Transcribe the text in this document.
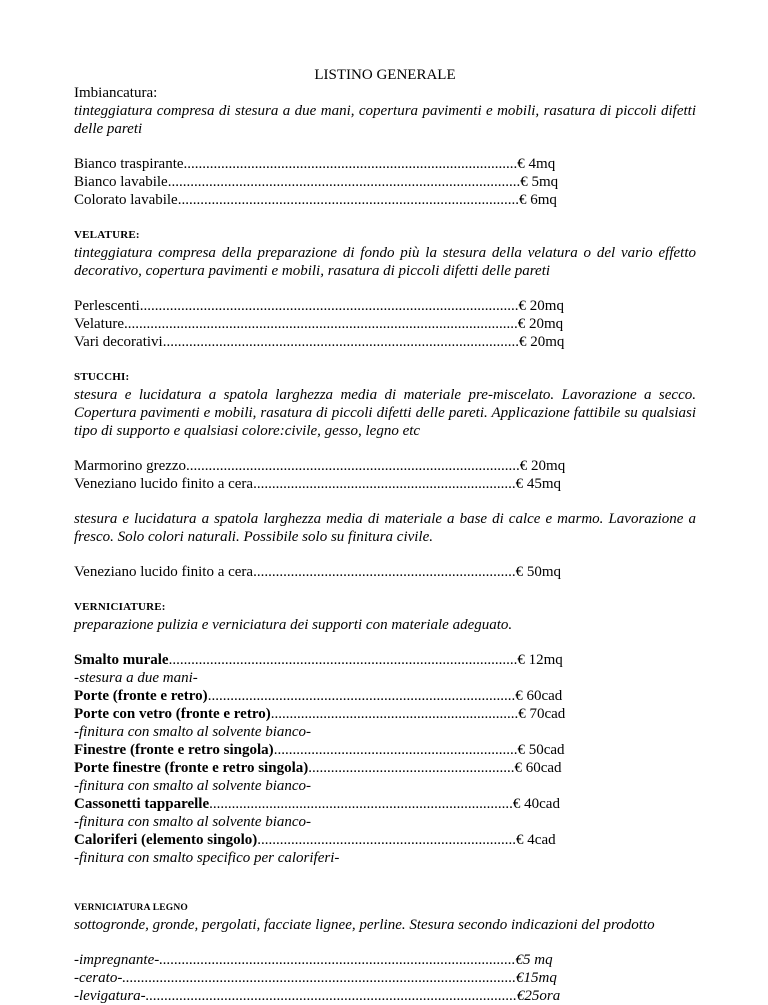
LISTINO GENERALE

Imbiancatura:

tinteggiatura compresa di stesura a due mani, copertura pavimenti e mobili, rasatura di piccoli difetti delle pareti

Bianco traspirante.........................................................................................€ 4mq

Bianco lavabile..............................................................................................€ 5mq

Colorato lavabile...........................................................................................€ 6mq

VELATURE:

tinteggiatura compresa della preparazione di fondo più la stesura della velatura o del vario effetto decorativo, copertura pavimenti e mobili, rasatura di piccoli difetti delle pareti

Perlescenti.....................................................................................................€ 20mq

Velature.........................................................................................................€ 20mq

Vari decorativi...............................................................................................€ 20mq

STUCCHI:

stesura e lucidatura a spatola larghezza media di materiale pre-miscelato. Lavorazione a secco. Copertura pavimenti e mobili, rasatura di piccoli difetti delle pareti. Applicazione fattibile su qualsiasi tipo di supporto e qualsiasi colore:civile, gesso, legno etc

Marmorino grezzo.........................................................................................€ 20mq

Veneziano lucido finito a cera......................................................................€ 45mq

stesura e lucidatura a spatola larghezza media di materiale a base di calce e marmo. Lavorazione a fresco. Solo colori naturali. Possibile solo su finitura civile.

Veneziano lucido finito a cera......................................................................€ 50mq

VERNICIATURE:

preparazione pulizia e verniciatura dei supporti con materiale adeguato.

Smalto murale.............................................................................................€ 12mq

-stesura a due mani-

Porte (fronte e retro)..................................................................................€ 60cad

Porte con vetro (fronte e retro)..................................................................€ 70cad

-finitura con smalto al solvente bianco-

Finestre (fronte e retro singola).................................................................€ 50cad

Porte finestre (fronte e retro singola).......................................................€ 60cad

-finitura con smalto al solvente bianco-

Cassonetti tapparelle.................................................................................€ 40cad

-finitura con smalto al solvente bianco-

Caloriferi (elemento singolo).....................................................................€ 4cad

-finitura con smalto specifico per caloriferi-

VERNICIATURA LEGNO

sottogronde, gronde, pergolati, facciate lignee, perline. Stesura secondo indicazioni del prodotto

-impregnante-...............................................................................................€5 mq

-cerato-.........................................................................................................€15mq

-levigatura-...................................................................................................€25ora
